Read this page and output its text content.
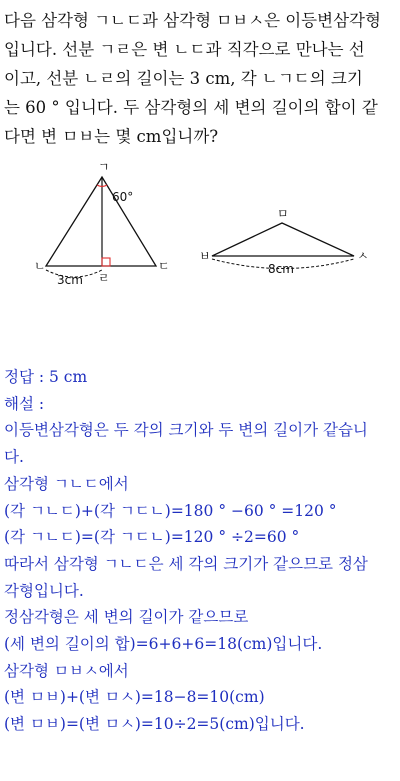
다음 삼각형 ㄱㄴㄷ과 삼각형 ㅁㅂㅅ은 이등변삼각형

입니다. 선분 ㄱㄹ은 변 ㄴㄷ과 직각으로 만나는 선

이고, 선분 ㄴㄹ의 길이는 3 cm, 각 ㄴㄱㄷ의 크기

는 60 ° 입니다. 두 삼각형의 세 변의 길이의 합이 같

다면 변 ㅁㅂ는 몇 cm입니까?

ㄱ
ㄴ	ㄷ
ㄹ
60°
3cm
ㅁ
ㅂ	ㅅ
8cm

정답 : 5 cm

해설 :

이등변삼각형은 두 각의 크기와 두 변의 길이가 같습니

다.

삼각형 ㄱㄴㄷ에서

(각 ㄱㄴㄷ)+(각 ㄱㄷㄴ)=180 ° −60 ° =120 °

(각 ㄱㄴㄷ)=(각 ㄱㄷㄴ)=120 ° ÷2=60 °

따라서 삼각형 ㄱㄴㄷ은 세 각의 크기가 같으므로 정삼

각형입니다.

정삼각형은 세 변의 길이가 같으므로

(세 변의 길이의 합)=6+6+6=18(cm)입니다.

삼각형 ㅁㅂㅅ에서

(변 ㅁㅂ)+(변 ㅁㅅ)=18−8=10(cm)

(변 ㅁㅂ)=(변 ㅁㅅ)=10÷2=5(cm)입니다.
